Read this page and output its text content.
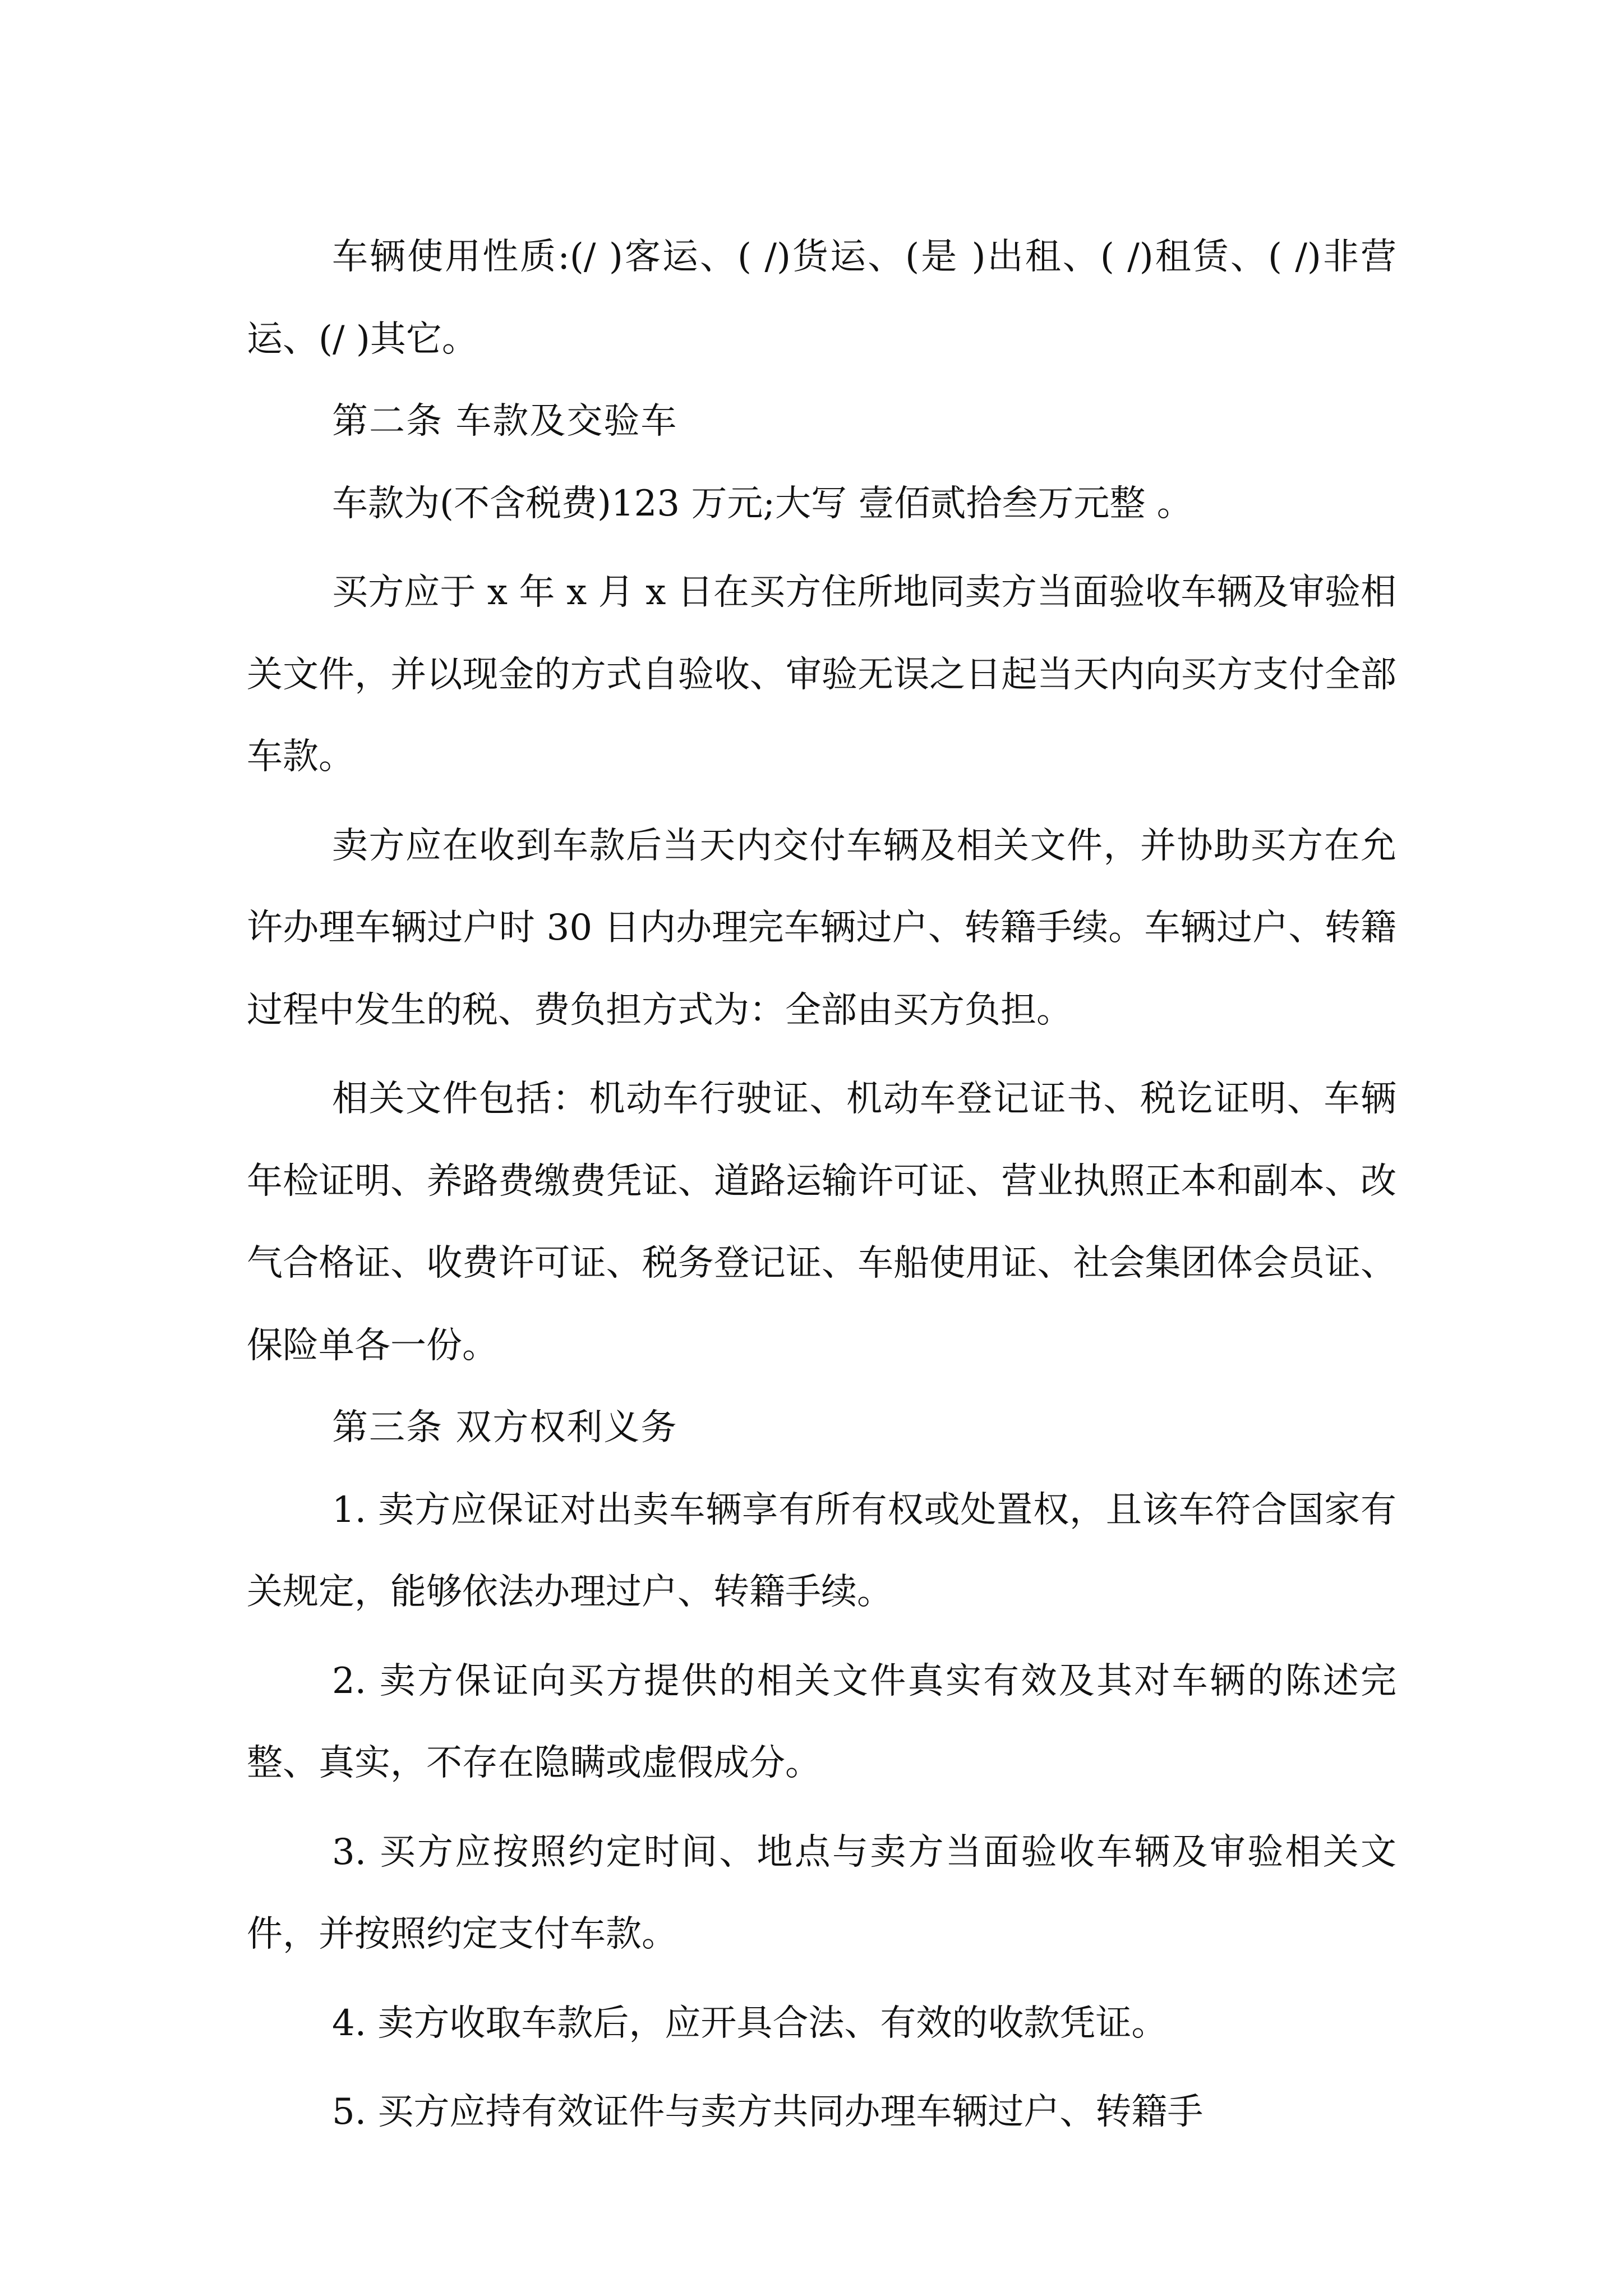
车辆使用性质:(/ )客运、( /)货运、(是 )出租、( /)租赁、( /)非营运、(/ )其它。

第二条 车款及交验车

车款为(不含税费)123 万元;大写 壹佰贰拾叁万元整 。

买方应于 x 年 x 月 x 日在买方住所地同卖方当面验收车辆及审验相关文件，并以现金的方式自验收、审验无误之日起当天内向买方支付全部车款。

卖方应在收到车款后当天内交付车辆及相关文件，并协助买方在允许办理车辆过户时 30 日内办理完车辆过户、转籍手续。车辆过户、转籍过程中发生的税、费负担方式为：全部由买方负担。

相关文件包括：机动车行驶证、机动车登记证书、税讫证明、车辆年检证明、养路费缴费凭证、道路运输许可证、营业执照正本和副本、改气合格证、收费许可证、税务登记证、车船使用证、社会集团体会员证、保险单各一份。

第三条 双方权利义务

1. 卖方应保证对出卖车辆享有所有权或处置权，且该车符合国家有关规定，能够依法办理过户、转籍手续。

2. 卖方保证向买方提供的相关文件真实有效及其对车辆的陈述完整、真实，不存在隐瞒或虚假成分。

3. 买方应按照约定时间、地点与卖方当面验收车辆及审验相关文件，并按照约定支付车款。

4. 卖方收取车款后，应开具合法、有效的收款凭证。

5. 买方应持有效证件与卖方共同办理车辆过户、转籍手
